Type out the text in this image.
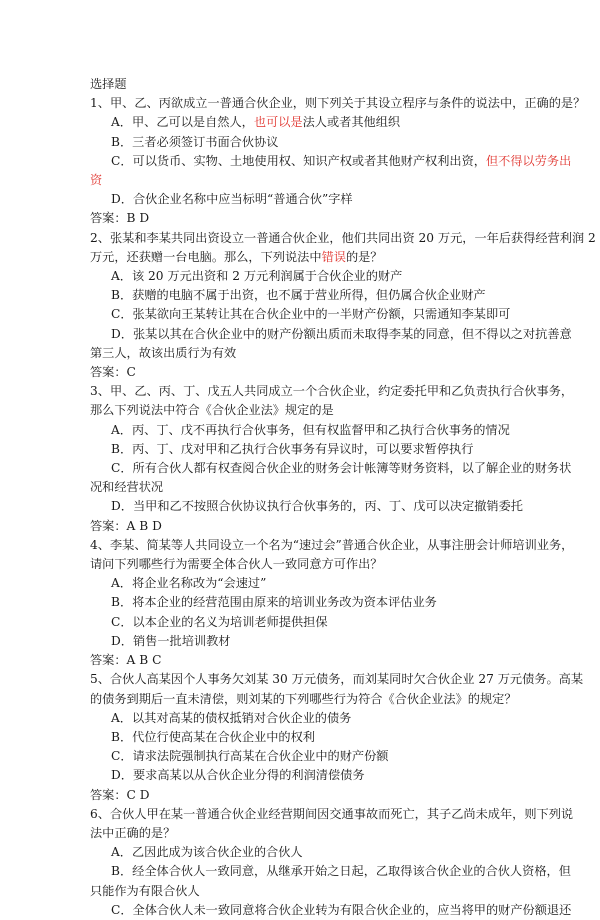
选择题
1、甲、乙、丙欲成立一普通合伙企业，则下列关于其设立程序与条件的说法中，正确的是？
A．甲、乙可以是自然人，也可以是法人或者其他组织
B．三者必须签订书面合伙协议
C．可以货币、实物、土地使用权、知识产权或者其他财产权利出资，但不得以劳务出
资
D．合伙企业名称中应当标明“普通合伙”字样
答案：B D
2、张某和李某共同出资设立一普通合伙企业，他们共同出资 20 万元，一年后获得经营利润 2
万元，还获赠一台电脑。那么，下列说法中错误的是？
A．该 20 万元出资和 2 万元利润属于合伙企业的财产
B．获赠的电脑不属于出资，也不属于营业所得，但仍属合伙企业财产
C．张某欲向王某转让其在合伙企业中的一半财产份额，只需通知李某即可
D．张某以其在合伙企业中的财产份额出质而未取得李某的同意，但不得以之对抗善意
第三人，故该出质行为有效
答案：C
3、甲、乙、丙、丁、戊五人共同成立一个合伙企业，约定委托甲和乙负责执行合伙事务，
那么下列说法中符合《合伙企业法》规定的是
A．丙、丁、戊不再执行合伙事务，但有权监督甲和乙执行合伙事务的情况
B．丙、丁、戊对甲和乙执行合伙事务有异议时，可以要求暂停执行
C．所有合伙人都有权查阅合伙企业的财务会计帐簿等财务资料，以了解企业的财务状
况和经营状况
D．当甲和乙不按照合伙协议执行合伙事务的，丙、丁、戊可以决定撤销委托
答案：A B D
4、李某、简某等人共同设立一个名为“速过会”普通合伙企业，从事注册会计师培训业务，
请问下列哪些行为需要全体合伙人一致同意方可作出？
A．将企业名称改为“会速过”
B．将本企业的经营范围由原来的培训业务改为资本评估业务
C．以本企业的名义为培训老师提供担保
D．销售一批培训教材
答案：A B C
5、合伙人高某因个人事务欠刘某 30 万元债务，而刘某同时欠合伙企业 27 万元债务。高某
的债务到期后一直未清偿，则刘某的下列哪些行为符合《合伙企业法》的规定？
A．以其对高某的债权抵销对合伙企业的债务
B．代位行使高某在合伙企业中的权利
C．请求法院强制执行高某在合伙企业中的财产份额
D．要求高某以从合伙企业分得的利润清偿债务
答案：C D
6、合伙人甲在某一普通合伙企业经营期间因交通事故而死亡，其子乙尚未成年，则下列说
法中正确的是？
A．乙因此成为该合伙企业的合伙人
B．经全体合伙人一致同意，从继承开始之日起，乙取得该合伙企业的合伙人资格，但
只能作为有限合伙人
C．全体合伙人未一致同意将合伙企业转为有限合伙企业的，应当将甲的财产份额退还
